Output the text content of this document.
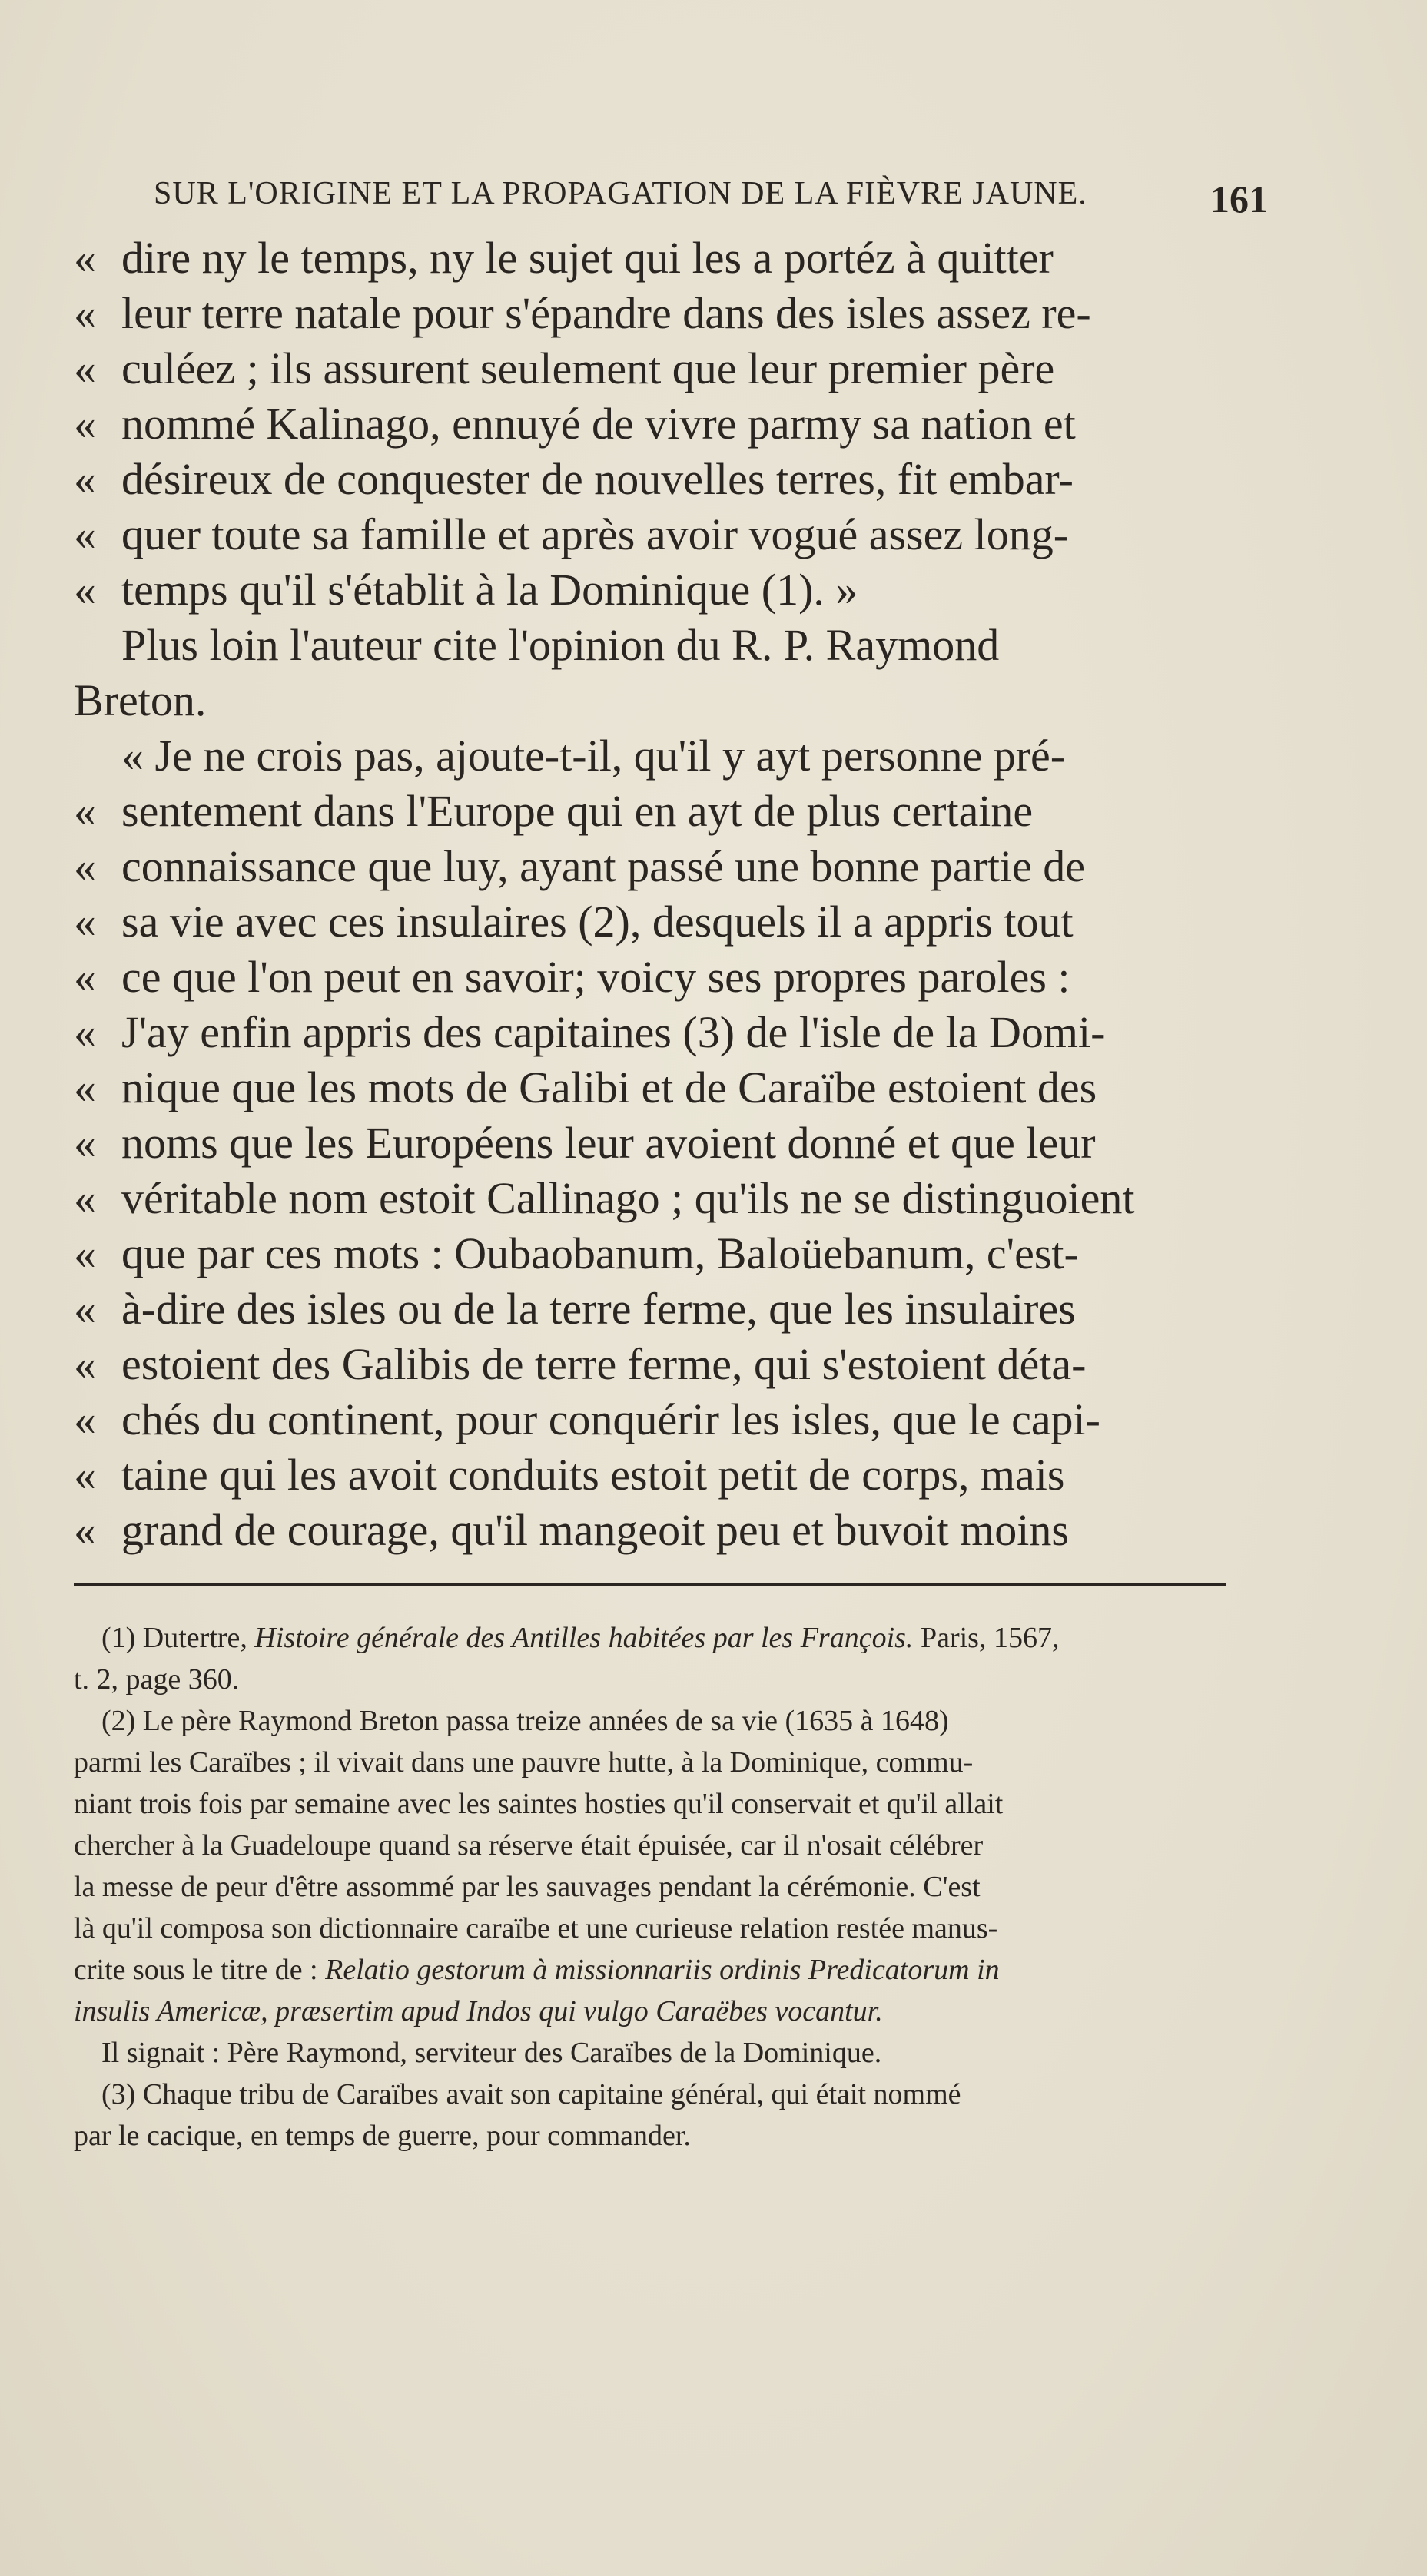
SUR L'ORIGINE ET LA PROPAGATION DE LA FIÈVRE JAUNE.	161
« dire ny le temps, ny le sujet qui les a portéz à quitter
« leur terre natale pour s'épandre dans des isles assez re-
« culéez ; ils assurent seulement que leur premier père
« nommé Kalinago, ennuyé de vivre parmy sa nation et
« désireux de conquester de nouvelles terres, fit embar-
« quer toute sa famille et après avoir vogué assez long-
« temps qu'il s'établit à la Dominique (1). »
Plus loin l'auteur cite l'opinion du R. P. Raymond
Breton.
« Je ne crois pas, ajoute-t-il, qu'il y ayt personne pré-
« sentement dans l'Europe qui en ayt de plus certaine
« connaissance que luy, ayant passé une bonne partie de
« sa vie avec ces insulaires (2), desquels il a appris tout
« ce que l'on peut en savoir; voicy ses propres paroles :
« J'ay enfin appris des capitaines (3) de l'isle de la Domi-
« nique que les mots de Galibi et de Caraïbe estoient des
« noms que les Européens leur avoient donné et que leur
« véritable nom estoit Callinago ; qu'ils ne se distinguoient
« que par ces mots : Oubaobanum, Baloüebanum, c'est-
« à-dire des isles ou de la terre ferme, que les insulaires
« estoient des Galibis de terre ferme, qui s'estoient déta-
« chés du continent, pour conquérir les isles, que le capi-
« taine qui les avoit conduits estoit petit de corps, mais
« grand de courage, qu'il mangeoit peu et buvoit moins
(1) Dutertre, Histoire générale des Antilles habitées par les François. Paris, 1567,
t. 2, page 360.
(2) Le père Raymond Breton passa treize années de sa vie (1635 à 1648)
parmi les Caraïbes ; il vivait dans une pauvre hutte, à la Dominique, commu-
niant trois fois par semaine avec les saintes hosties qu'il conservait et qu'il allait
chercher à la Guadeloupe quand sa réserve était épuisée, car il n'osait célébrer
la messe de peur d'être assommé par les sauvages pendant la cérémonie. C'est
là qu'il composa son dictionnaire caraïbe et une curieuse relation restée manus-
crite sous le titre de : Relatio gestorum à missionnariis ordinis Predicatorum in
insulis Americæ, præsertim apud Indos qui vulgo Caraëbes vocantur.
Il signait : Père Raymond, serviteur des Caraïbes de la Dominique.
(3) Chaque tribu de Caraïbes avait son capitaine général, qui était nommé
par le cacique, en temps de guerre, pour commander.
